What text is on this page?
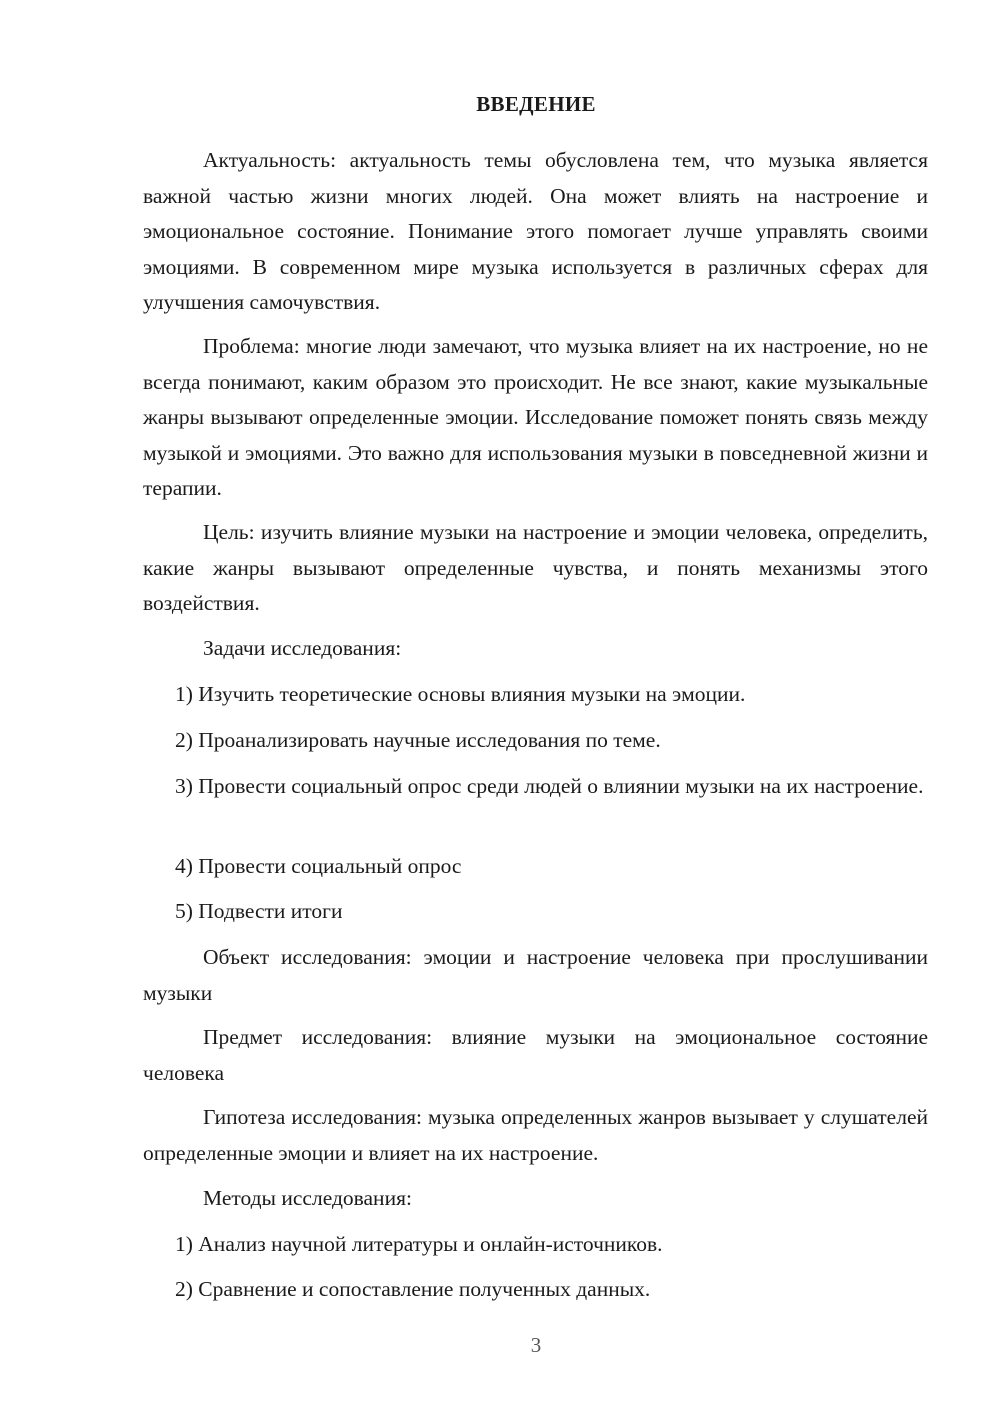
ВВЕДЕНИЕ

Актуальность: актуальность темы обусловлена тем, что музыка является важной частью жизни многих людей. Она может влиять на настроение и эмоциональное состояние. Понимание этого помогает лучше управлять своими эмоциями. В современном мире музыка используется в различных сферах для улучшения самочувствия.

Проблема: многие люди замечают, что музыка влияет на их настроение, но не всегда понимают, каким образом это происходит. Не все знают, какие музыкальные жанры вызывают определенные эмоции. Исследование поможет понять связь между музыкой и эмоциями. Это важно для использования музыки в повседневной жизни и терапии.

Цель: изучить влияние музыки на настроение и эмоции человека, определить, какие жанры вызывают определенные чувства, и понять механизмы этого воздействия.

Задачи исследования:

1) Изучить теоретические основы влияния музыки на эмоции.

2) Проанализировать научные исследования по теме.

3) Провести социальный опрос среди людей о влиянии музыки на их настроение.

4) Провести социальный опрос

5) Подвести итоги

Объект исследования: эмоции и настроение человека при прослушивании музыки

Предмет исследования: влияние музыки на эмоциональное состояние человека

Гипотеза исследования: музыка определенных жанров вызывает у слушателей определенные эмоции и влияет на их настроение.

Методы исследования:

1) Анализ научной литературы и онлайн-источников.

2) Сравнение и сопоставление полученных данных.

3
